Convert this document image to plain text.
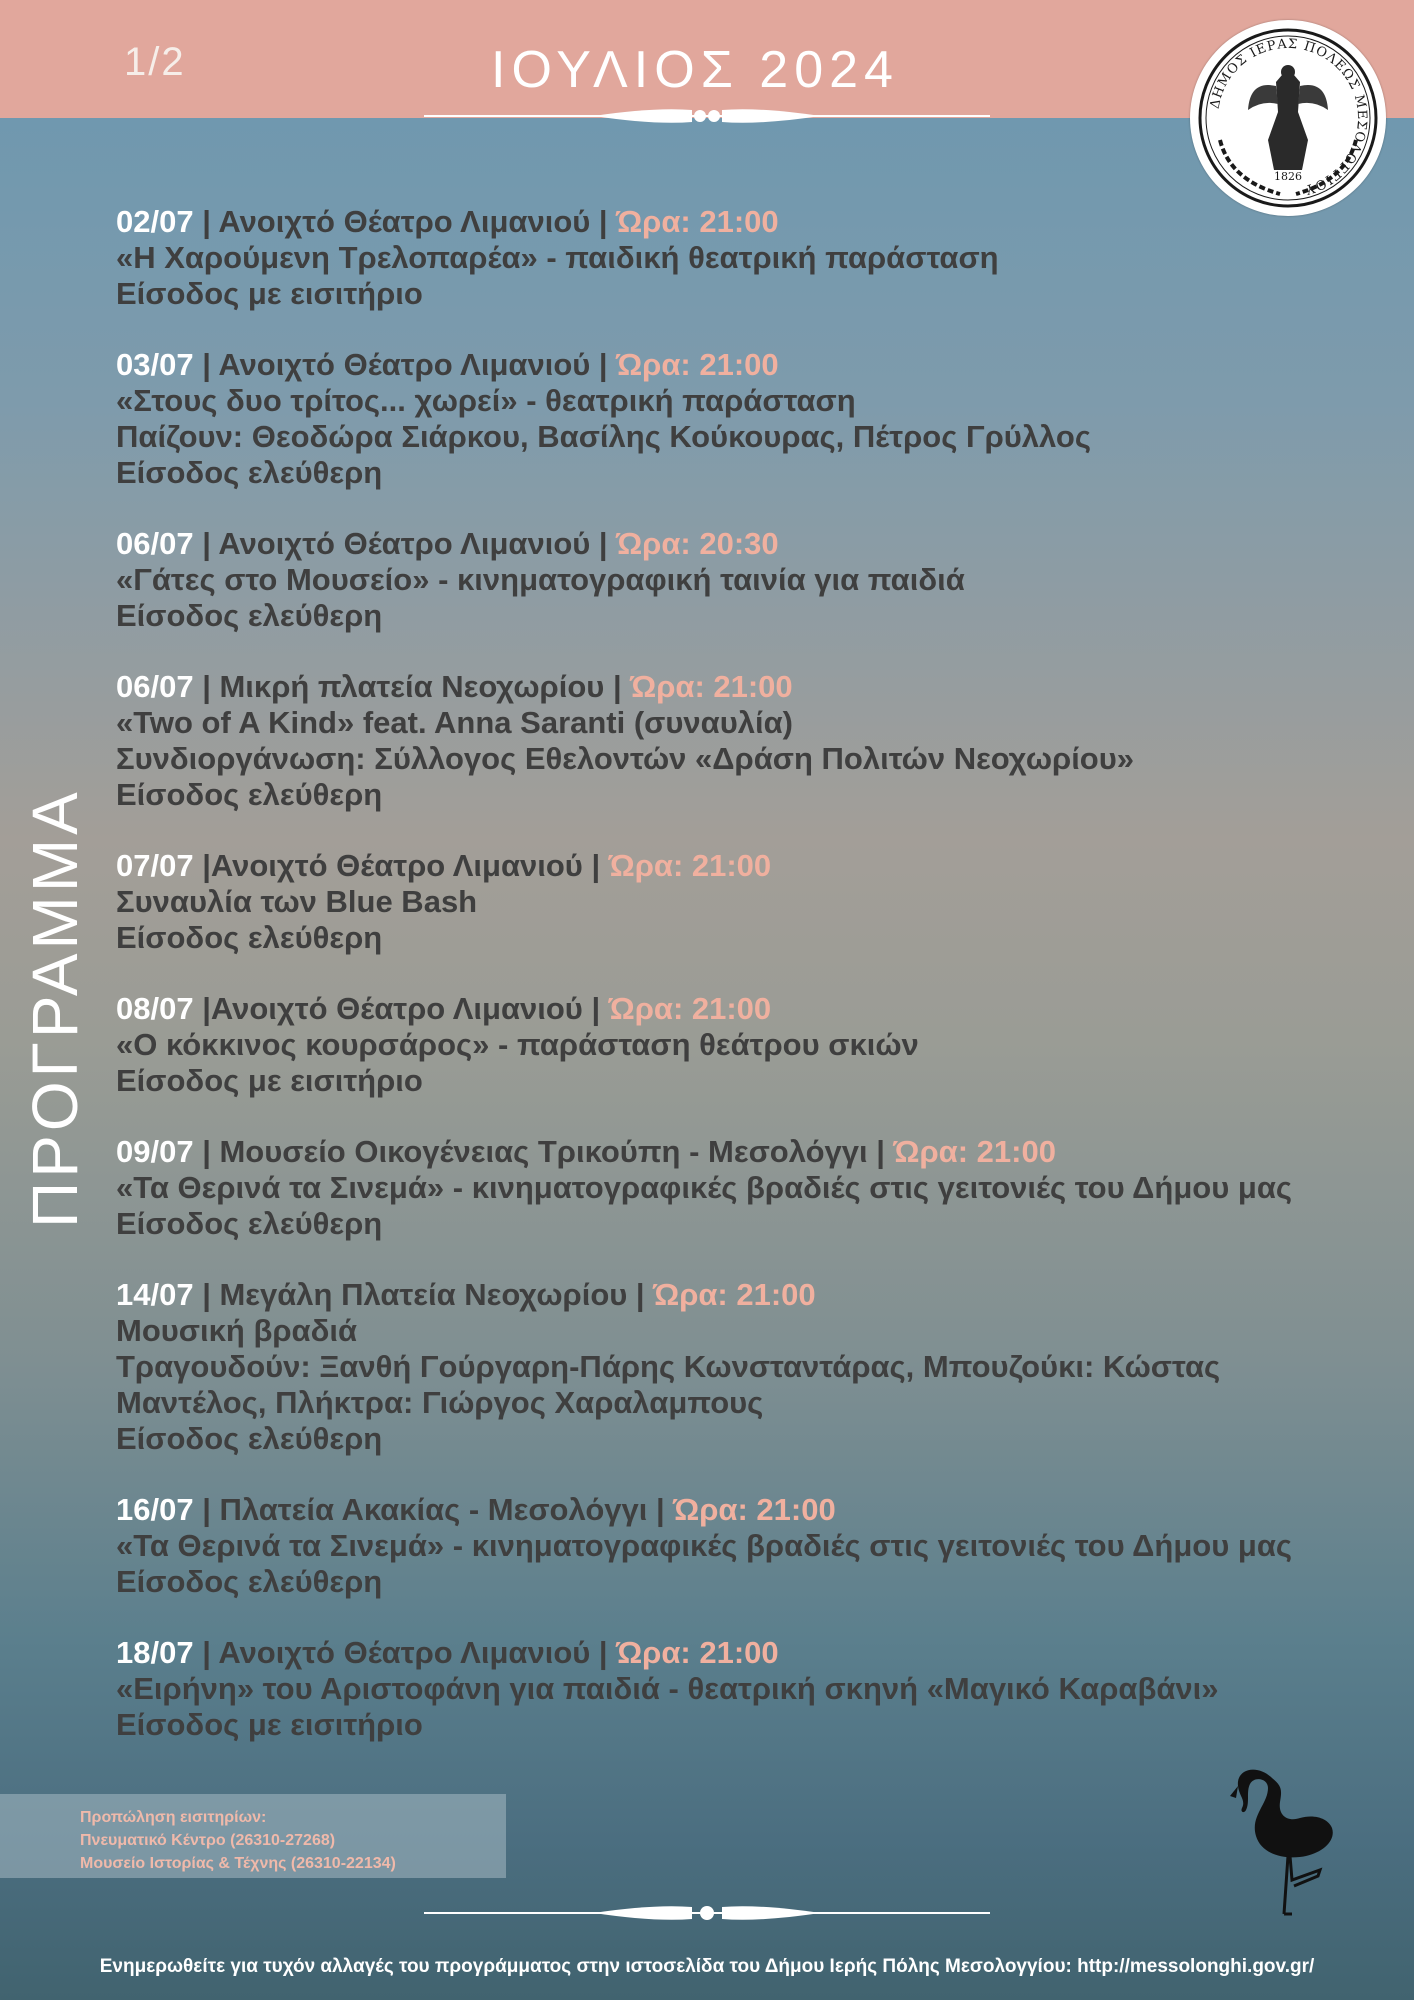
1/2	ΙΟΥΛΙΟΣ 2024
ΔΗΜΟΣ ΙΕΡΑΣ ΠΟΛΕΩΣ ΜΕΣΟΛΟΓΓΙΟΥ
1826
ΠΡΟΓΡΑΜΜΑ
02/07 | Ανοιχτό Θέατρο Λιμανιού | Ώρα: 21:00
«Η Χαρούμενη Τρελοπαρέα» - παιδική θεατρική παράσταση
Είσοδος με εισιτήριο
03/07 | Ανοιχτό Θέατρο Λιμανιού | Ώρα: 21:00
«Στους δυο τρίτος... χωρεί» - θεατρική παράσταση
Παίζουν: Θεοδώρα Σιάρκου, Βασίλης Κούκουρας, Πέτρος Γρύλλος
Είσοδος ελεύθερη
06/07 | Ανοιχτό Θέατρο Λιμανιού | Ώρα: 20:30
«Γάτες στο Μουσείο» - κινηματογραφική ταινία για παιδιά
Είσοδος ελεύθερη
06/07 | Μικρή πλατεία Νεοχωρίου | Ώρα: 21:00
«Two of A Kind» feat. Anna Saranti (συναυλία)
Συνδιοργάνωση: Σύλλογος Εθελοντών «Δράση Πολιτών Νεοχωρίου»
Είσοδος ελεύθερη
07/07 |Ανοιχτό Θέατρο Λιμανιού | Ώρα: 21:00
Συναυλία των Blue Bash
Είσοδος ελεύθερη
08/07 |Ανοιχτό Θέατρο Λιμανιού | Ώρα: 21:00
«Ο κόκκινος κουρσάρος» - παράσταση θεάτρου σκιών
Είσοδος με εισιτήριο
09/07 | Μουσείο Οικογένειας Τρικούπη - Μεσολόγγι | Ώρα: 21:00
«Τα Θερινά τα Σινεμά» - κινηματογραφικές βραδιές στις γειτονιές του Δήμου μας
Είσοδος ελεύθερη
14/07 | Μεγάλη Πλατεία Νεοχωρίου | Ώρα: 21:00
Μουσική βραδιά
Τραγουδούν: Ξανθή Γούργαρη-Πάρης Κωνσταντάρας, Μπουζούκι: Κώστας Μαντέλος, Πλήκτρα: Γιώργος Χαραλαμπους
Είσοδος ελεύθερη
16/07 | Πλατεία Ακακίας - Μεσολόγγι | Ώρα: 21:00
«Τα Θερινά τα Σινεμά» - κινηματογραφικές βραδιές στις γειτονιές του Δήμου μας
Είσοδος ελεύθερη
18/07 | Ανοιχτό Θέατρο Λιμανιού | Ώρα: 21:00
«Ειρήνη» του Αριστοφάνη για παιδιά - θεατρική σκηνή «Μαγικό Καραβάνι»
Είσοδος με εισιτήριο
Προπώληση εισιτηρίων:
Πνευματικό Κέντρο (26310-27268)
Μουσείο Ιστορίας & Τέχνης (26310-22134)
Ενημερωθείτε για τυχόν αλλαγές του προγράμματος στην ιστοσελίδα του Δήμου Ιερής Πόλης Μεσολογγίου: http://messolonghi.gov.gr/
